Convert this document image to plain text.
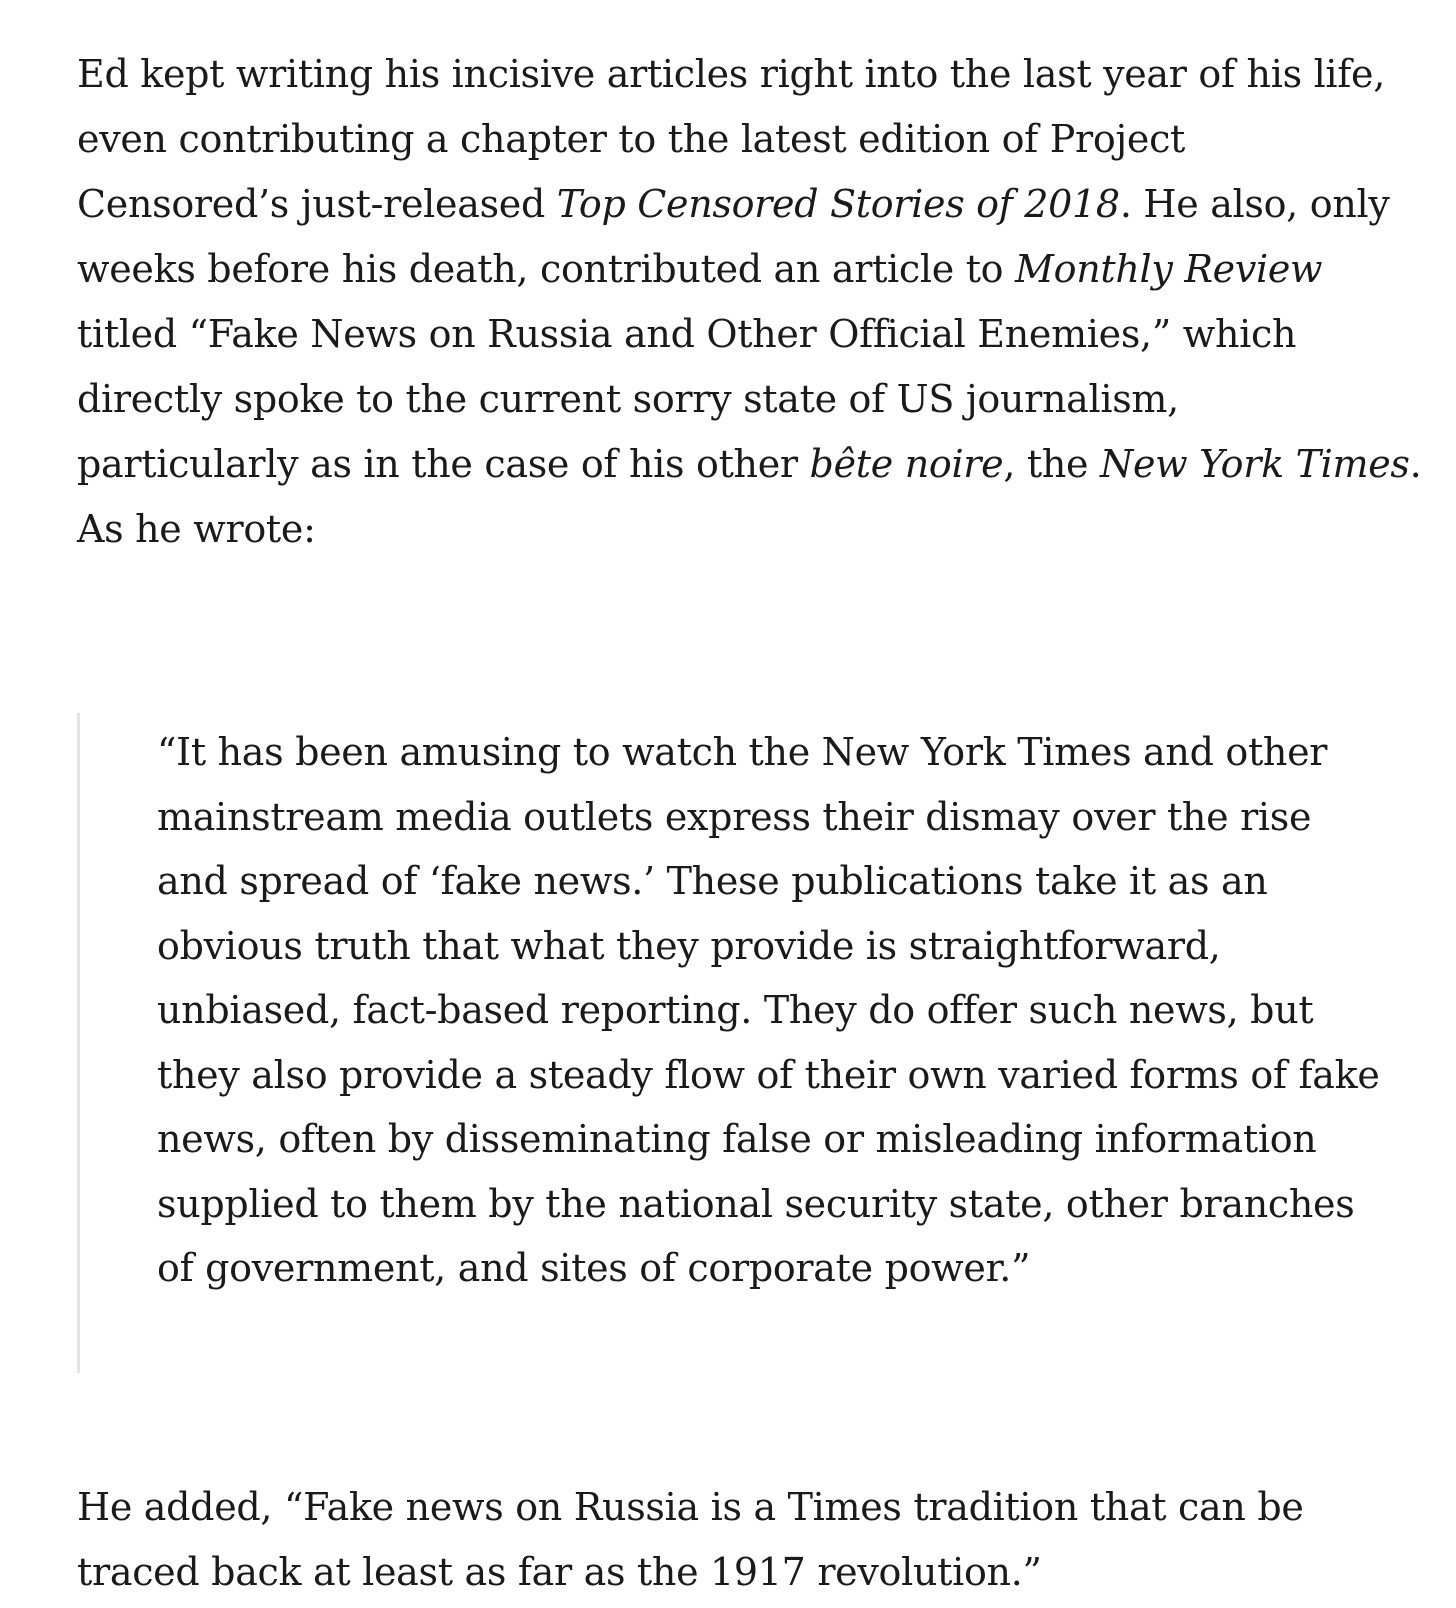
Ed kept writing his incisive articles right into the last year of his life,
even contributing a chapter to the latest edition of Project
Censored’s just-released Top Censored Stories of 2018. He also, only
weeks before his death, contributed an article to Monthly Review
titled “Fake News on Russia and Other Official Enemies,” which
directly spoke to the current sorry state of US journalism,
particularly as in the case of his other bête noire, the New York Times.
As he wrote:

“It has been amusing to watch the New York Times and other
mainstream media outlets express their dismay over the rise
and spread of ‘fake news.’ These publications take it as an
obvious truth that what they provide is straightforward,
unbiased, fact-based reporting. They do offer such news, but
they also provide a steady flow of their own varied forms of fake
news, often by disseminating false or misleading information
supplied to them by the national security state, other branches
of government, and sites of corporate power.”

He added, “Fake news on Russia is a Times tradition that can be
traced back at least as far as the 1917 revolution.”
